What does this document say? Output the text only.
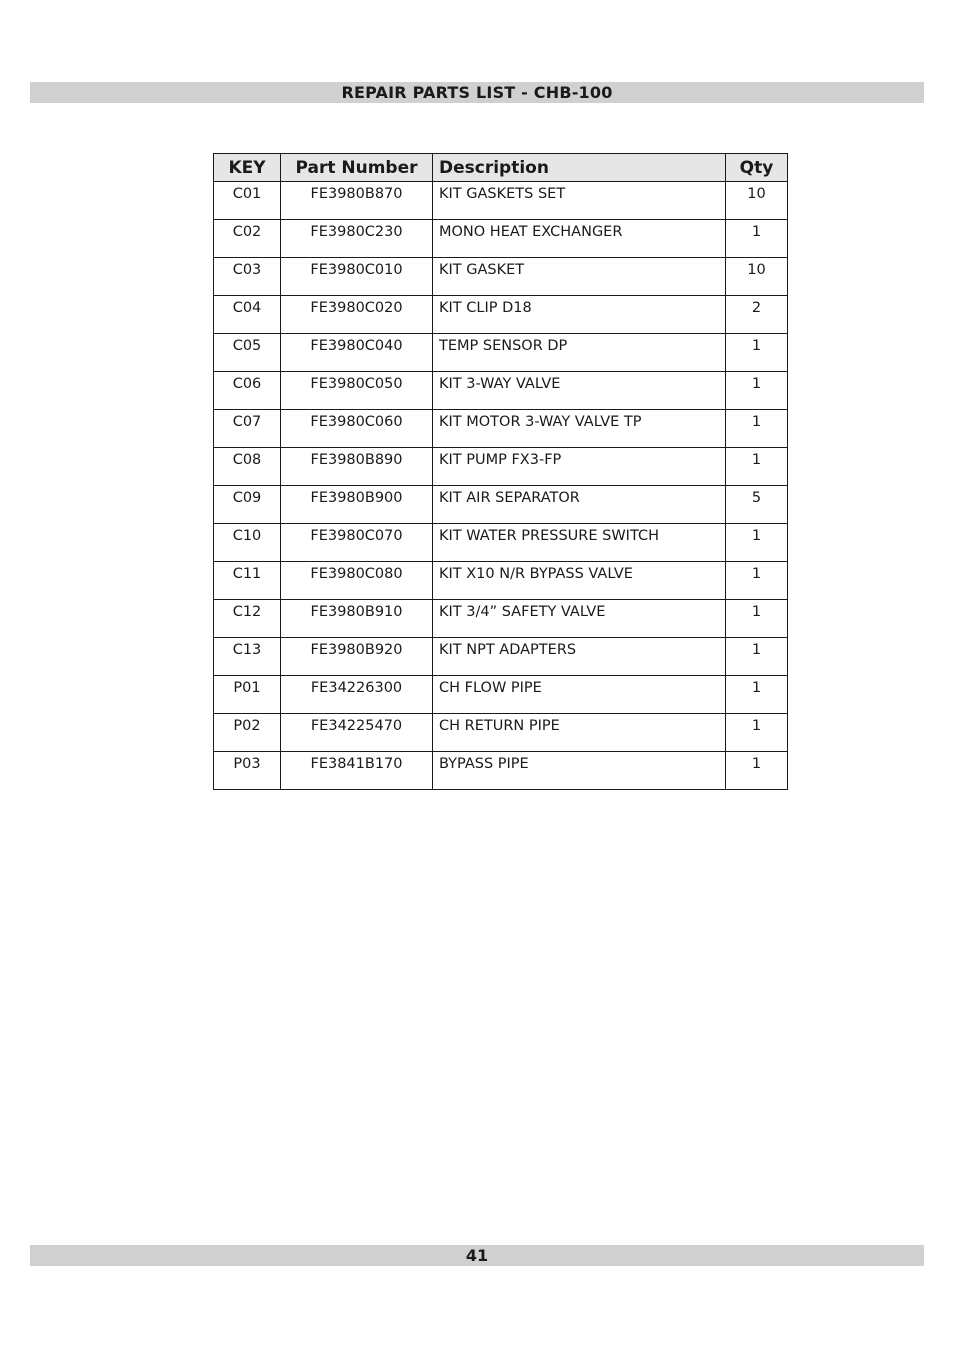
REPAIR PARTS LIST - CHB-100
KEY	Part Number	Description	Qty
C01	FE3980B870	KIT GASKETS SET	10
C02	FE3980C230	MONO HEAT EXCHANGER	1
C03	FE3980C010	KIT GASKET	10
C04	FE3980C020	KIT CLIP D18	2
C05	FE3980C040	TEMP SENSOR DP	1
C06	FE3980C050	KIT 3-WAY VALVE	1
C07	FE3980C060	KIT MOTOR 3-WAY VALVE TP	1
C08	FE3980B890	KIT PUMP FX3-FP	1
C09	FE3980B900	KIT AIR SEPARATOR	5
C10	FE3980C070	KIT WATER PRESSURE SWITCH	1
C11	FE3980C080	KIT X10 N/R BYPASS VALVE	1
C12	FE3980B910	KIT 3/4” SAFETY VALVE	1
C13	FE3980B920	KIT NPT ADAPTERS	1
P01	FE34226300	CH FLOW PIPE	1
P02	FE34225470	CH RETURN PIPE	1
P03	FE3841B170	BYPASS PIPE	1
41
